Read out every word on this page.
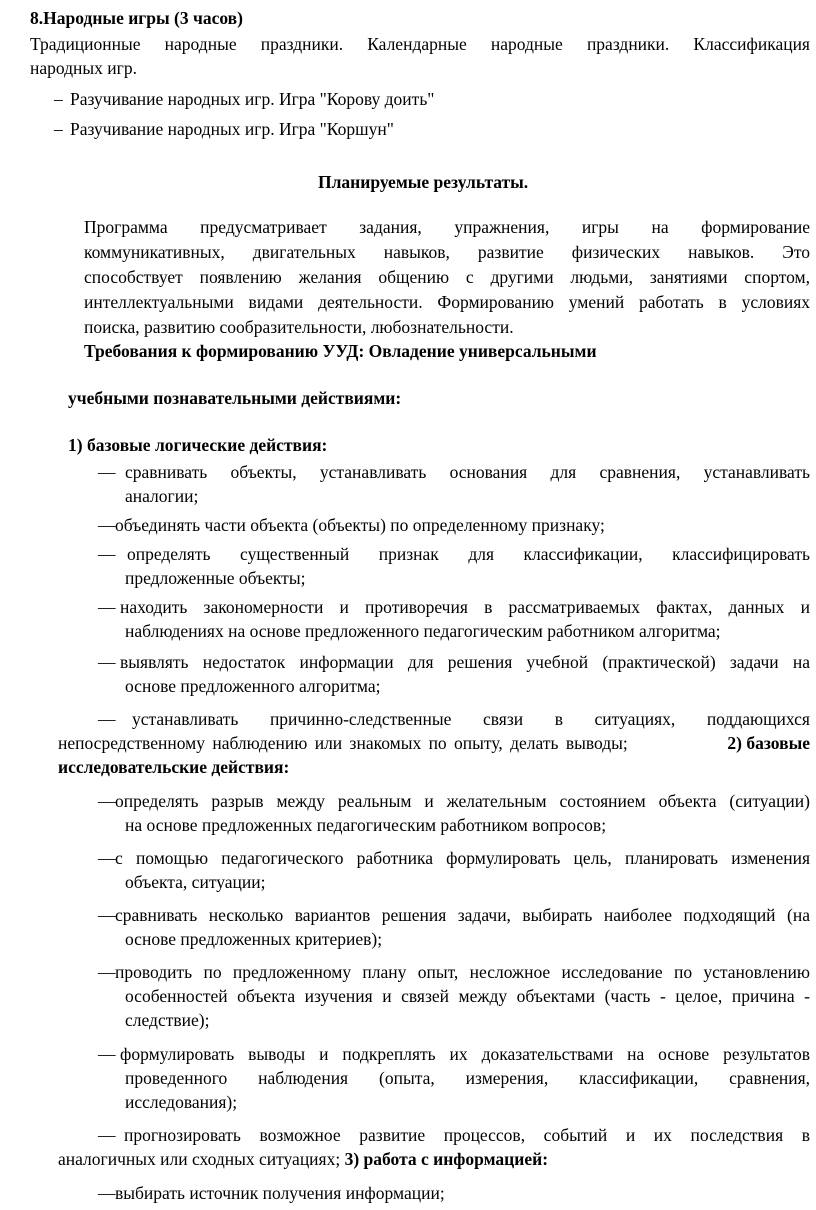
8.Народные игры (3 часов)
Традиционные народные праздники. Календарные народные праздники. Классификация
народных игр.
– Разучивание народных игр. Игра "Корову доить"
– Разучивание народных игр. Игра "Коршун"
Планируемые результаты.
Программа предусматривает задания, упражнения, игры на формирование
коммуникативных, двигательных навыков, развитие физических навыков. Это
способствует появлению желания общению с другими людьми, занятиями спортом,
интеллектуальными видами деятельности. Формированию умений работать в условиях
поиска, развитию сообразительности, любознательности.
Требования к формированию УУД: Овладение универсальными
учебными познавательными действиями:
1) базовые логические действия:
— сравнивать объекты, устанавливать основания для сравнения, устанавливать
аналогии;
— объединять части объекта (объекты) по определенному признаку;
— определять существенный признак для классификации, классифицировать
предложенные объекты;
— находить закономерности и противоречия в рассматриваемых фактах, данных и
наблюдениях на основе предложенного педагогическим работником алгоритма;
— выявлять недостаток информации для решения учебной (практической) задачи на
основе предложенного алгоритма;
— устанавливать причинно-следственные связи в ситуациях, поддающихся
непосредственному наблюдению или знакомых по опыту, делать выводы;	2) базовые
исследовательские действия:
— определять разрыв между реальным и желательным состоянием объекта (ситуации)
на основе предложенных педагогическим работником вопросов;
— с помощью педагогического работника формулировать цель, планировать изменения
объекта, ситуации;
— сравнивать несколько вариантов решения задачи, выбирать наиболее подходящий (на
основе предложенных критериев);
— проводить по предложенному плану опыт, несложное исследование по установлению
особенностей объекта изучения и связей между объектами (часть - целое, причина -
следствие);
— формулировать выводы и подкреплять их доказательствами на основе результатов
проведенного наблюдения (опыта, измерения, классификации, сравнения,
исследования);
— прогнозировать возможное развитие процессов, событий и их последствия в
аналогичных или сходных ситуациях; 3) работа с информацией:
— выбирать источник получения информации;
